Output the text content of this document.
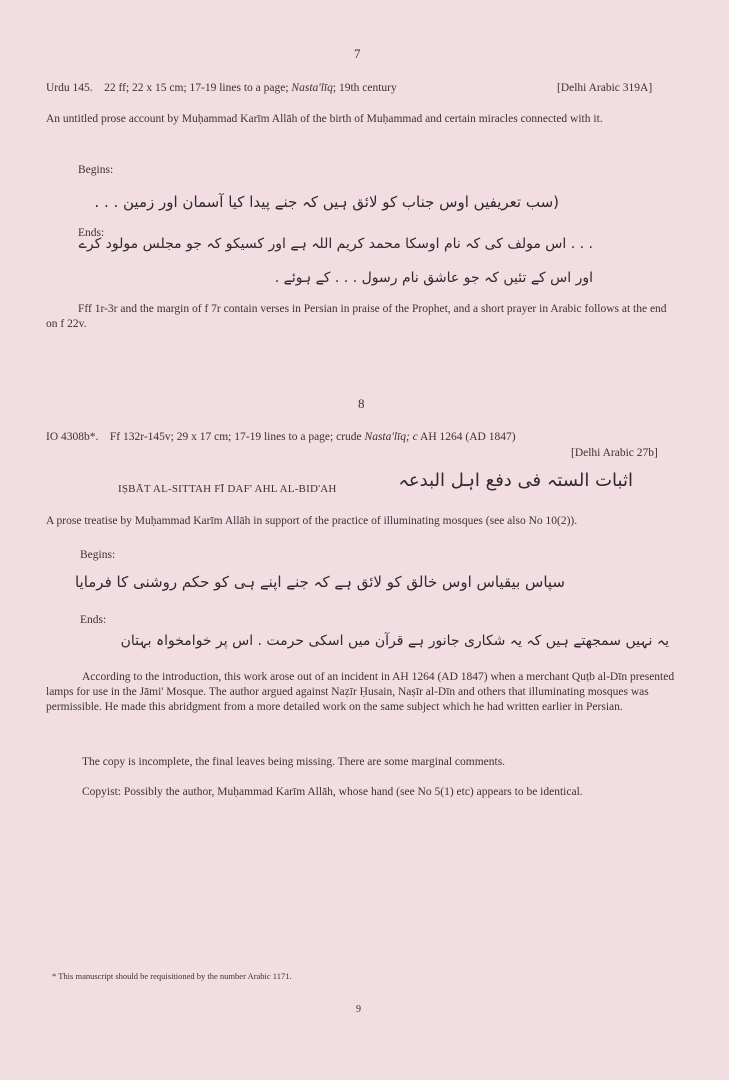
7
Urdu 145. 22 ff; 22 x 15 cm; 17-19 lines to a page; Nasta'līq; 19th century	[Delhi Arabic 319A]
An untitled prose account by Muḥammad Karīm Allāh of the birth of Muḥammad and certain miracles connected with it.
Begins:
(سب تعریفیں اوس جناب کو لائق ہیں کہ جنے پیدا کیا آسمان اور زمین . . .
Ends:
. . . اس مولف کی کہ نام اوسکا محمد کریم اللہ ہے اور کسیکو کہ جو مجلس مولود کرے
اور اس کے تئیں کہ جو عاشق نام رسول . . . کے ہوئے .
Fff 1r-3r and the margin of f 7r contain verses in Persian in praise of the Prophet, and a short prayer in Arabic follows at the end on f 22v.
8
IO 4308b*. Ff 132r-145v; 29 x 17 cm; 17-19 lines to a page; crude Nasta'līq; c AH 1264 (AD 1847)
[Delhi Arabic 27b]
IṢBĀT AL-SITTAH FĪ DAF' AHL AL-BID'AH	اثبات الستہ فی دفع اہل البدعہ
A prose treatise by Muḥammad Karīm Allāh in support of the practice of illuminating mosques (see also No 10(2)).
Begins:
سپاس بیقیاس اوس خالق کو لائق ہے کہ جنے اپنے ہی کو حکم روشنی کا فرمایا
Ends:
یہ نہیں سمجھتے ہیں کہ یہ شکاری جانور ہے قرآن میں اسکی حرمت . اس پر خوامخواہ بہتان
According to the introduction, this work arose out of an incident in AH 1264 (AD 1847) when a merchant Quṭb al-Dīn presented lamps for use in the Jāmi' Mosque. The author argued against Naẓīr Ḥusain, Naṣīr al-Dīn and others that illuminating mosques was permissible. He made this abridgment from a more detailed work on the same subject which he had written earlier in Persian.
The copy is incomplete, the final leaves being missing. There are some marginal comments.
Copyist: Possibly the author, Muḥammad Karīm Allāh, whose hand (see No 5(1) etc) appears to be identical.
* This manuscript should be requisitioned by the number Arabic 1171.
9
